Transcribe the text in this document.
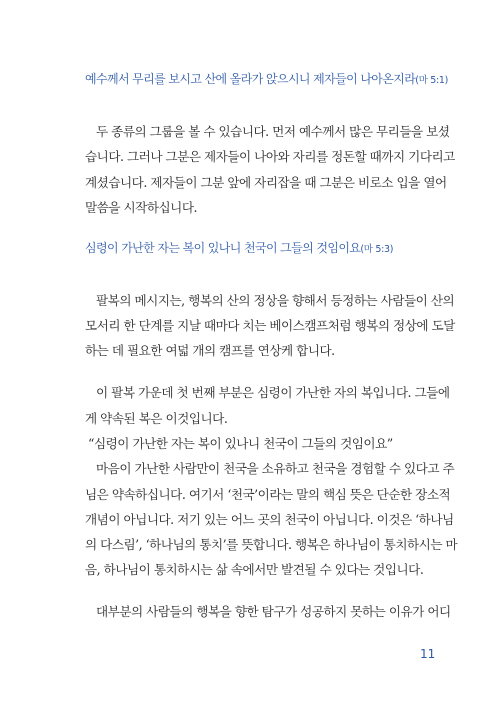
예수께서 무리를 보시고 산에 올라가 앉으시니 제자들이 나아온지라(마 5:1)
두 종류의 그룹을 볼 수 있습니다. 먼저 예수께서 많은 무리들을 보셨
습니다. 그러나 그분은 제자들이 나아와 자리를 정돈할 때까지 기다리고
계셨습니다. 제자들이 그분 앞에 자리잡을 때 그분은 비로소 입을 열어
말씀을 시작하십니다.
심령이 가난한 자는 복이 있나니 천국이 그들의 것임이요(마 5:3)
팔복의 메시지는, 행복의 산의 정상을 향해서 등정하는 사람들이 산의
모서리 한 단계를 지날 때마다 치는 베이스캠프처럼 행복의 정상에 도달
하는 데 필요한 여덟 개의 캠프를 연상케 합니다.
이 팔복 가운데 첫 번째 부분은 심령이 가난한 자의 복입니다. 그들에
게 약속된 복은 이것입니다.
“심령이 가난한 자는 복이 있나니 천국이 그들의 것임이요”
마음이 가난한 사람만이 천국을 소유하고 천국을 경험할 수 있다고 주
님은 약속하십니다. 여기서 ‘천국’이라는 말의 핵심 뜻은 단순한 장소적
개념이 아닙니다. 저기 있는 어느 곳의 천국이 아닙니다. 이것은 ‘하나님
의 다스림’, ‘하나님의 통치’를 뜻합니다. 행복은 하나님이 통치하시는 마
음, 하나님이 통치하시는 삶 속에서만 발견될 수 있다는 것입니다.
대부분의 사람들의 행복을 향한 탐구가 성공하지 못하는 이유가 어디
11
